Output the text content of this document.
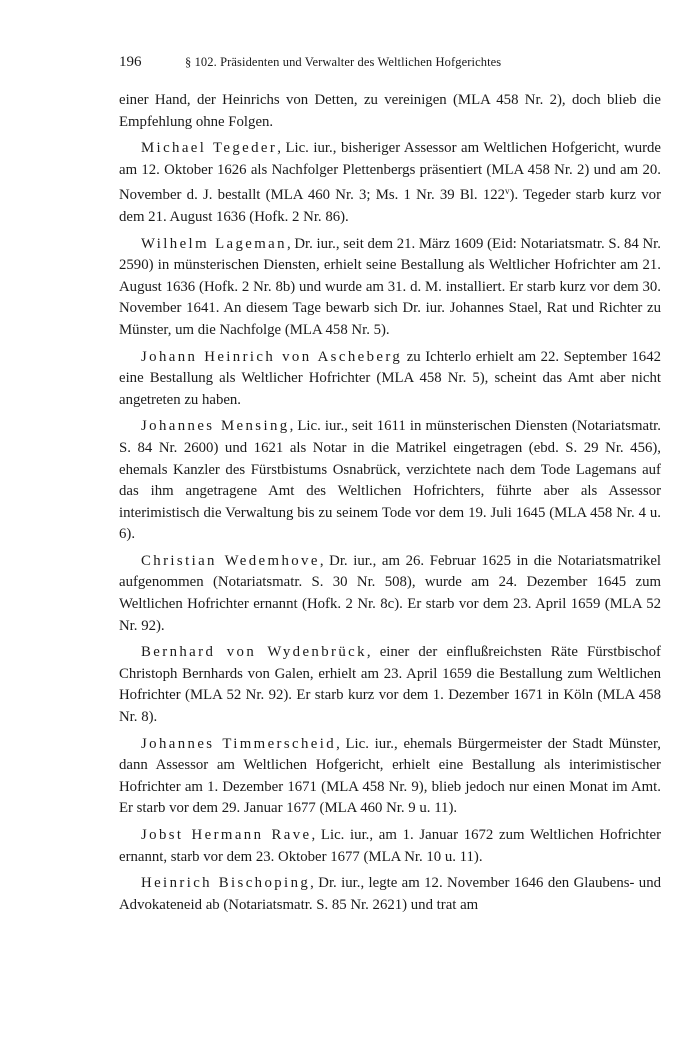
196	§ 102. Präsidenten und Verwalter des Weltlichen Hofgerichtes

einer Hand, der Heinrichs von Detten, zu vereinigen (MLA 458 Nr. 2), doch blieb die Empfehlung ohne Folgen.

Michael Tegeder, Lic. iur., bisheriger Assessor am Weltlichen Hofgericht, wurde am 12. Oktober 1626 als Nachfolger Plettenbergs präsentiert (MLA 458 Nr. 2) und am 20. November d. J. bestallt (MLA 460 Nr. 3; Ms. 1 Nr. 39 Bl. 122$^v$). Tegeder starb kurz vor dem 21. August 1636 (Hofk. 2 Nr. 86).

Wilhelm Lageman, Dr. iur., seit dem 21. März 1609 (Eid: Notariatsmatr. S. 84 Nr. 2590) in münsterischen Diensten, erhielt seine Bestallung als Weltlicher Hofrichter am 21. August 1636 (Hofk. 2 Nr. 8b) und wurde am 31. d. M. installiert. Er starb kurz vor dem 30. November 1641. An diesem Tage bewarb sich Dr. iur. Johannes Stael, Rat und Richter zu Münster, um die Nachfolge (MLA 458 Nr. 5).

Johann Heinrich von Ascheberg zu Ichterlo erhielt am 22. September 1642 eine Bestallung als Weltlicher Hofrichter (MLA 458 Nr. 5), scheint das Amt aber nicht angetreten zu haben.

Johannes Mensing, Lic. iur., seit 1611 in münsterischen Diensten (Notariatsmatr. S. 84 Nr. 2600) und 1621 als Notar in die Matrikel eingetragen (ebd. S. 29 Nr. 456), ehemals Kanzler des Fürstbistums Osnabrück, verzichtete nach dem Tode Lagemans auf das ihm angetragene Amt des Weltlichen Hofrichters, führte aber als Assessor interimistisch die Verwaltung bis zu seinem Tode vor dem 19. Juli 1645 (MLA 458 Nr. 4 u. 6).

Christian Wedemhove, Dr. iur., am 26. Februar 1625 in die Notariatsmatrikel aufgenommen (Notariatsmatr. S. 30 Nr. 508), wurde am 24. Dezember 1645 zum Weltlichen Hofrichter ernannt (Hofk. 2 Nr. 8c). Er starb vor dem 23. April 1659 (MLA 52 Nr. 92).

Bernhard von Wydenbrück, einer der einflußreichsten Räte Fürstbischof Christoph Bernhards von Galen, erhielt am 23. April 1659 die Bestallung zum Weltlichen Hofrichter (MLA 52 Nr. 92). Er starb kurz vor dem 1. Dezember 1671 in Köln (MLA 458 Nr. 8).

Johannes Timmerscheid, Lic. iur., ehemals Bürgermeister der Stadt Münster, dann Assessor am Weltlichen Hofgericht, erhielt eine Bestallung als interimistischer Hofrichter am 1. Dezember 1671 (MLA 458 Nr. 9), blieb jedoch nur einen Monat im Amt. Er starb vor dem 29. Januar 1677 (MLA 460 Nr. 9 u. 11).

Jobst Hermann Rave, Lic. iur., am 1. Januar 1672 zum Weltlichen Hofrichter ernannt, starb vor dem 23. Oktober 1677 (MLA Nr. 10 u. 11).

Heinrich Bischoping, Dr. iur., legte am 12. November 1646 den Glaubens- und Advokateneid ab (Notariatsmatr. S. 85 Nr. 2621) und trat am
